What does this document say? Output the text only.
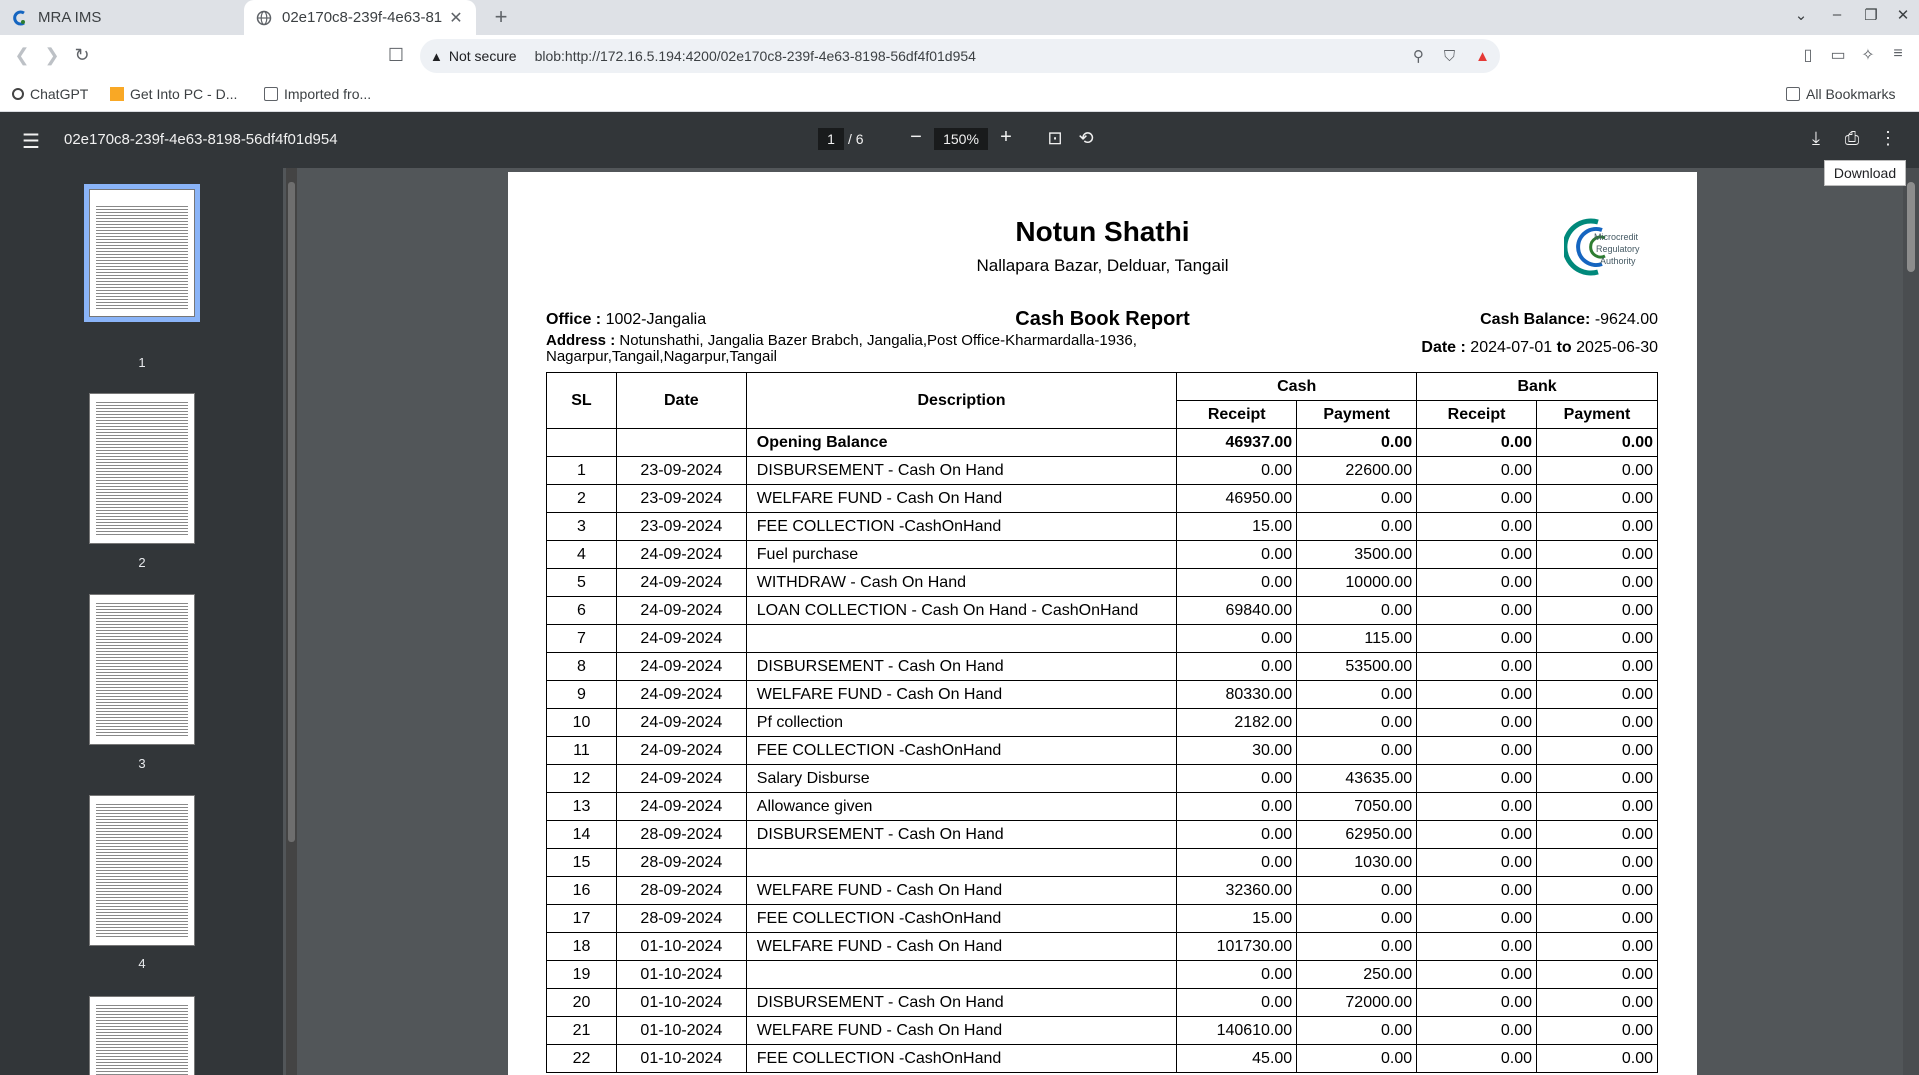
MRA IMS	02e170c8-239f-4e63-81 ✕ +	⌄	–	❐	✕
❮ ❯ ↻	☐	▲ Not secure blob:http://172.16.5.194:4200/02e170c8-239f-4e63-8198-56df4f01d954	⚲ ⛉ ▲	▯	▭ ✧	≡
ChatGPT	Get Into PC - D...	Imported fro...	All Bookmarks
☰ 02e170c8-239f-4e63-8198-56df4f01d954	1 / 6	−	150%	+	⊡ ⟲	⤓	⎙	⋮
Download
1
2
3
4
Notun Shathi
Nallapara Bazar, Delduar, Tangail
Microcredit
Regulatory
Authority
Cash Book Report
Office : 1002-Jangalia
Address : Notunshathi, Jangalia Bazer Brabch, Jangalia,Post Office-Kharmardalla-1936,
Nagarpur,Tangail,Nagarpur,Tangail
Cash Balance: -9624.00
Date : 2024-07-01 to 2025-06-30
SL	Date	Description	Cash		Bank	
			Receipt	Payment	Receipt	Payment
		Opening Balance	46937.00	0.00	0.00	0.00
1	23-09-2024	DISBURSEMENT - Cash On Hand	0.00	22600.00	0.00	0.00
2	23-09-2024	WELFARE FUND - Cash On Hand	46950.00	0.00	0.00	0.00
3	23-09-2024	FEE COLLECTION -CashOnHand	15.00	0.00	0.00	0.00
4	24-09-2024	Fuel purchase	0.00	3500.00	0.00	0.00
5	24-09-2024	WITHDRAW - Cash On Hand	0.00	10000.00	0.00	0.00
6	24-09-2024	LOAN COLLECTION - Cash On Hand - CashOnHand	69840.00	0.00	0.00	0.00
7	24-09-2024		0.00	115.00	0.00	0.00
8	24-09-2024	DISBURSEMENT - Cash On Hand	0.00	53500.00	0.00	0.00
9	24-09-2024	WELFARE FUND - Cash On Hand	80330.00	0.00	0.00	0.00
10	24-09-2024	Pf collection	2182.00	0.00	0.00	0.00
11	24-09-2024	FEE COLLECTION -CashOnHand	30.00	0.00	0.00	0.00
12	24-09-2024	Salary Disburse	0.00	43635.00	0.00	0.00
13	24-09-2024	Allowance given	0.00	7050.00	0.00	0.00
14	28-09-2024	DISBURSEMENT - Cash On Hand	0.00	62950.00	0.00	0.00
15	28-09-2024		0.00	1030.00	0.00	0.00
16	28-09-2024	WELFARE FUND - Cash On Hand	32360.00	0.00	0.00	0.00
17	28-09-2024	FEE COLLECTION -CashOnHand	15.00	0.00	0.00	0.00
18	01-10-2024	WELFARE FUND - Cash On Hand	101730.00	0.00	0.00	0.00
19	01-10-2024		0.00	250.00	0.00	0.00
20	01-10-2024	DISBURSEMENT - Cash On Hand	0.00	72000.00	0.00	0.00
21	01-10-2024	WELFARE FUND - Cash On Hand	140610.00	0.00	0.00	0.00
22	01-10-2024	FEE COLLECTION -CashOnHand	45.00	0.00	0.00	0.00
